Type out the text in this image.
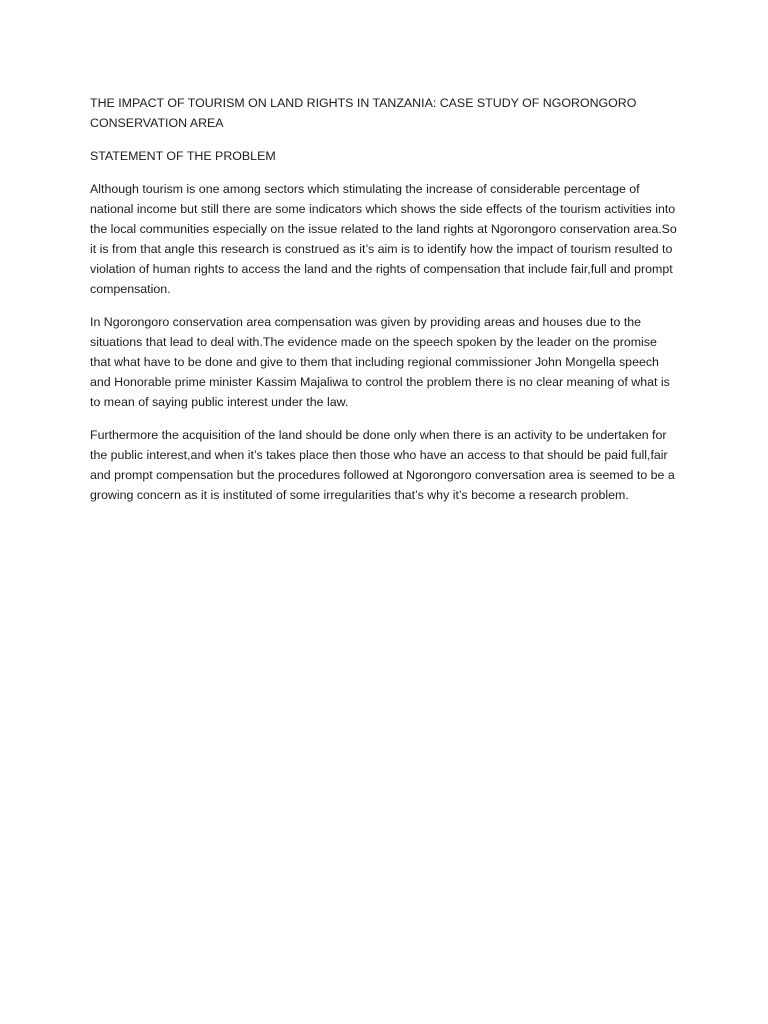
THE IMPACT OF TOURISM ON LAND RIGHTS IN TANZANIA: CASE STUDY OF NGORONGORO CONSERVATION AREA

STATEMENT OF THE PROBLEM

Although tourism is one among sectors which stimulating the increase of considerable percentage of national income but still there are some indicators which shows the side effects of the tourism activities into the local communities especially on the issue related to the land rights at Ngorongoro conservation area.So it is from that angle this research is construed as it’s aim is to identify how the impact of tourism resulted to violation of human rights to access the land and the rights of compensation that include fair,full and prompt compensation.

In Ngorongoro conservation area compensation was given by providing areas and houses due to the situations that lead to deal with.The evidence made on the speech spoken by the leader on the promise that what have to be done and give to them that including regional commissioner John Mongella speech and Honorable prime minister Kassim Majaliwa to control the problem there is no clear meaning of what is to mean of saying public interest under the law.

Furthermore the acquisition of the land should be done only when there is an activity to be undertaken for the public interest,and when it’s takes place then those who have an access to that should be paid full,fair and prompt compensation but the procedures followed at Ngorongoro conversation area is seemed to be a growing concern as it is instituted of some irregularities that’s why it’s become a research problem.
